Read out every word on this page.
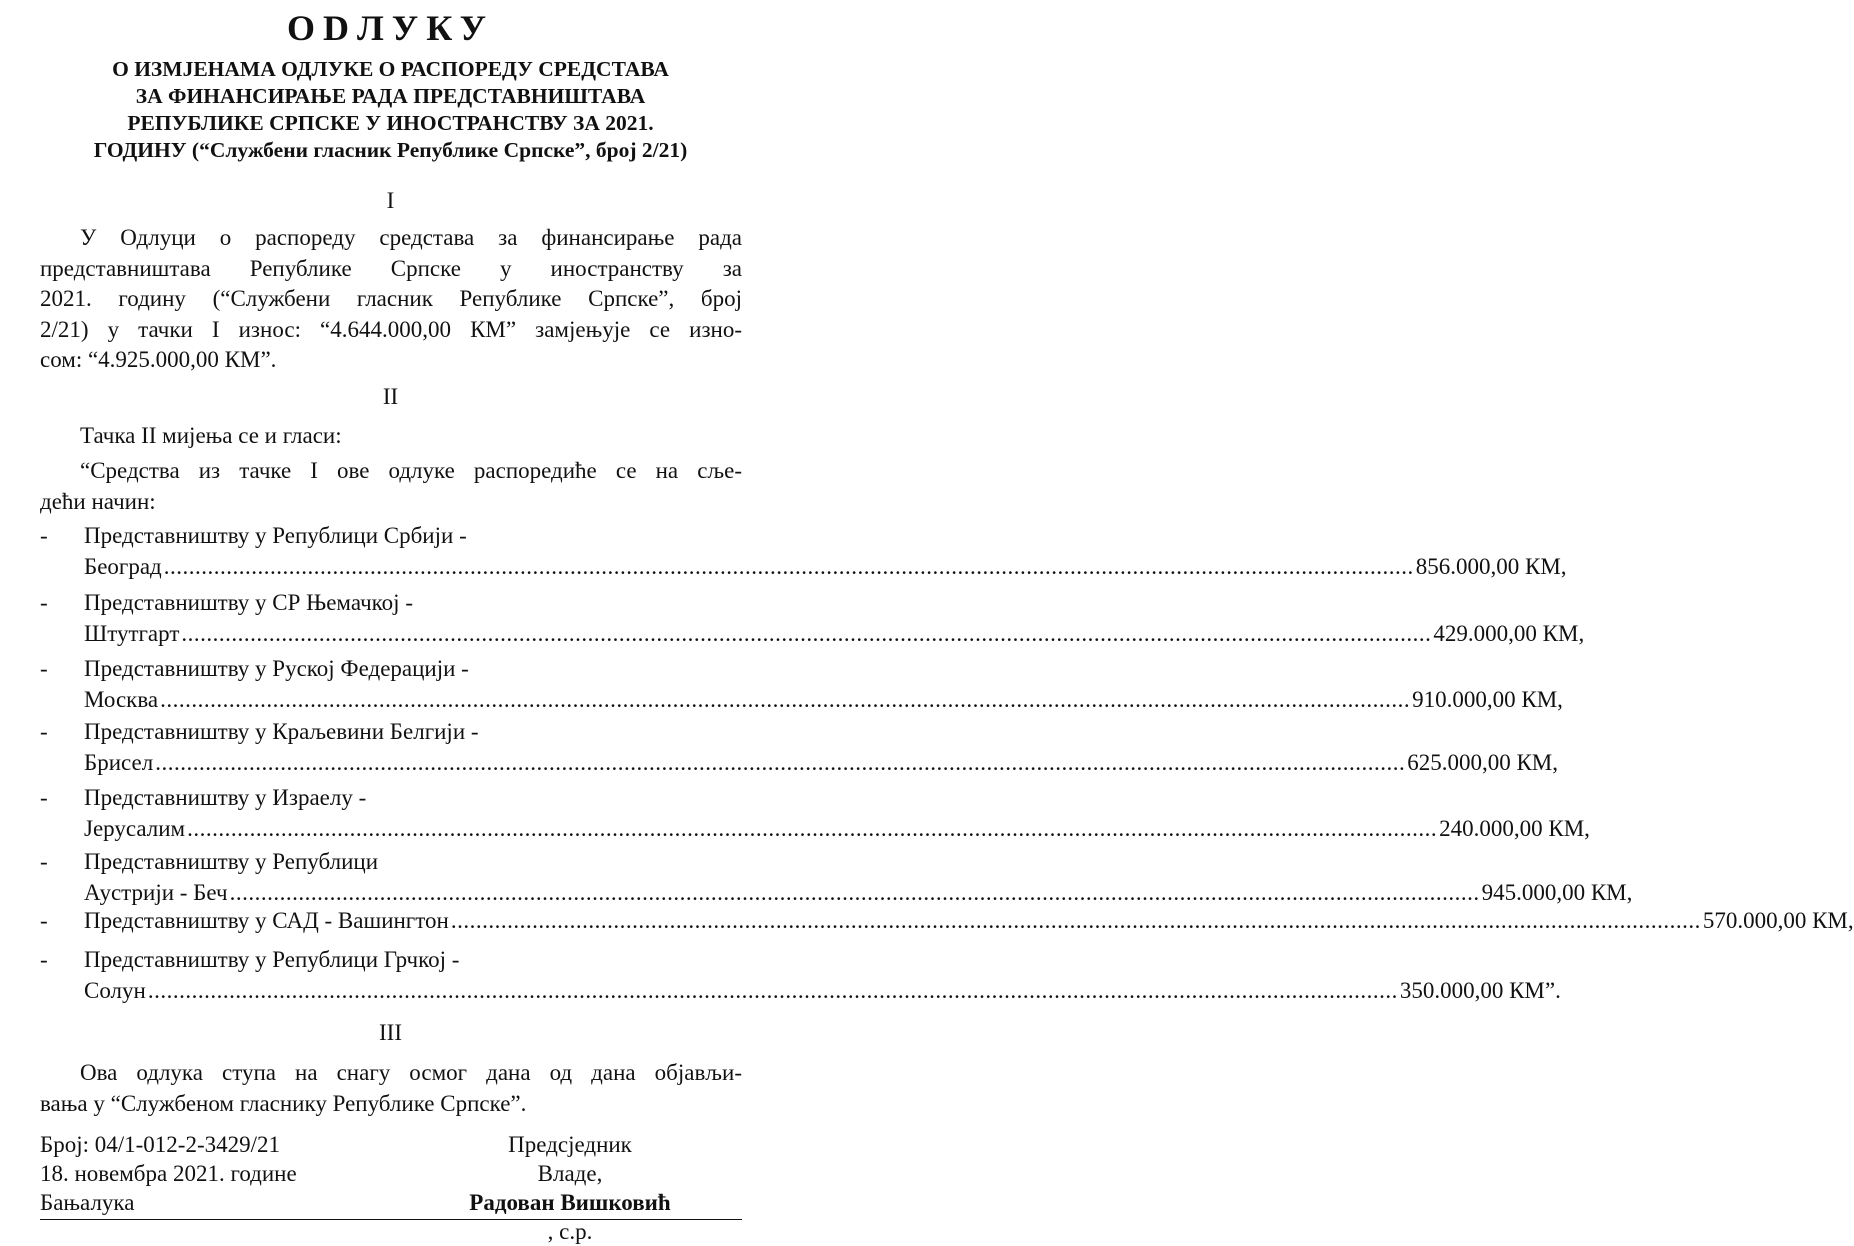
ODЛУКУ
О ИЗМЈЕНАМА ОДЛУКЕ О РАСПОРЕДУ СРЕДСТАВА
ЗА ФИНАНСИРАЊЕ РАДА ПРЕДСТАВНИШТАВА
РЕПУБЛИКЕ СРПСКЕ У ИНОСТРАНСТВУ ЗА 2021.
ГОДИНУ (“Службени гласник Републике Српске”, број 2/21)
I
У Одлуци о распореду средстава за финансирање рада
представништава Републике Српске у иностранству за
2021. годину (“Службени гласник Републике Српске”, број
2/21) у тачки I износ: “4.644.000,00 КМ” замјењује се изно-
сом: “4.925.000,00 КМ”.
II
Тачка II мијења се и гласи:
“Средства из тачке I ове одлуке распоредиће се на сље-
дећи начин:
- Представништву у Републици Србији -
Београд ........................................................................................................................................................................................................ 856.000,00 КМ,
- Представништву у СР Њемачкој -
Штутгарт ........................................................................................................................................................................................................ 429.000,00 КМ,
- Представништву у Руској Федерацији -
Москва ........................................................................................................................................................................................................ 910.000,00 КМ,
- Представништву у Краљевини Белгији -
Брисел ........................................................................................................................................................................................................ 625.000,00 КМ,
- Представништву у Израелу -
Јерусалим ........................................................................................................................................................................................................ 240.000,00 КМ,
- Представништву у Републици
Аустрији - Беч ........................................................................................................................................................................................................ 945.000,00 КМ,
- Представништву у САД - Вашингтон ........................................................................................................................................................................................................ 570.000,00 КМ,
- Представништву у Републици Грчкој -
Солун ........................................................................................................................................................................................................ 350.000,00 КМ”.
III
Ова одлука ступа на снагу осмог дана од дана објављи-
вања у “Службеном гласнику Републике Српске”.
Број: 04/1-012-2-3429/21
18. новембра 2021. године
Бањалука
Предсједник
Владе,
Радован Вишковић
, с.р.
